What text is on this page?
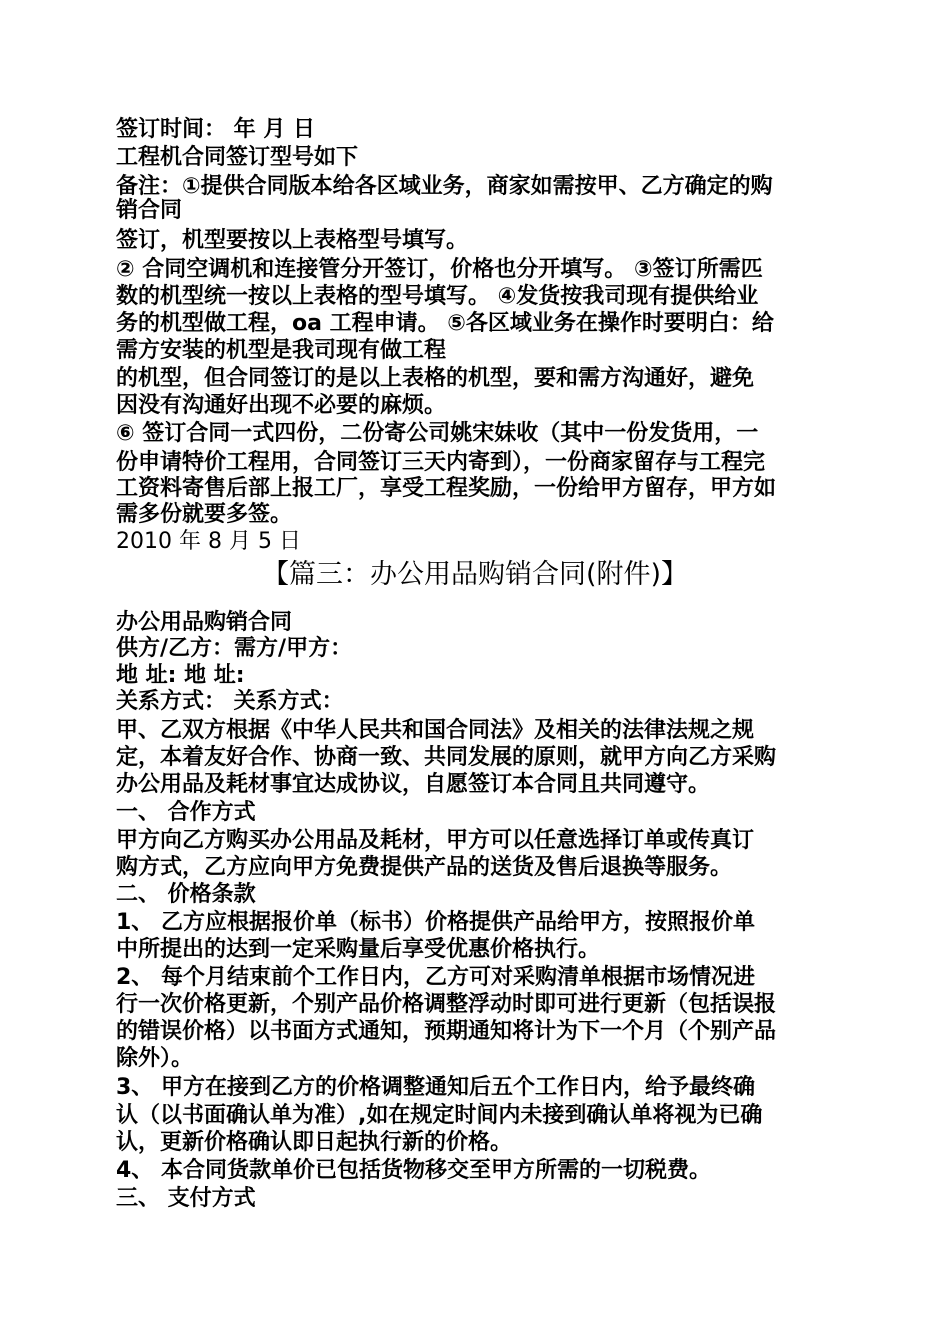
签订时间： 年 月 日
工程机合同签订型号如下
备注：①提供合同版本给各区域业务，商家如需按甲、乙方确定的购
销合同
签订，机型要按以上表格型号填写。
② 合同空调机和连接管分开签订，价格也分开填写。 ③签订所需匹
数的机型统一按以上表格的型号填写。 ④发货按我司现有提供给业
务的机型做工程，oa 工程申请。 ⑤各区域业务在操作时要明白：给
需方安装的机型是我司现有做工程
的机型，但合同签订的是以上表格的机型，要和需方沟通好，避免
因没有沟通好出现不必要的麻烦。
⑥ 签订合同一式四份，二份寄公司姚宋妹收（其中一份发货用，一
份申请特价工程用，合同签订三天内寄到），一份商家留存与工程完
工资料寄售后部上报工厂，享受工程奖励，一份给甲方留存，甲方如
需多份就要多签。
2010 年 8 月 5 日
【篇三：办公用品购销合同(附件)】
办公用品购销合同
供方/乙方：需方/甲方：
地 址: 地 址:
关系方式： 关系方式：
甲、乙双方根据《中华人民共和国合同法》及相关的法律法规之规
定，本着友好合作、协商一致、共同发展的原则，就甲方向乙方采购
办公用品及耗材事宜达成协议，自愿签订本合同且共同遵守。
一、 合作方式
甲方向乙方购买办公用品及耗材，甲方可以任意选择订单或传真订
购方式，乙方应向甲方免费提供产品的送货及售后退换等服务。
二、 价格条款
1、 乙方应根据报价单（标书）价格提供产品给甲方，按照报价单
中所提出的达到一定采购量后享受优惠价格执行。
2、 每个月结束前个工作日内，乙方可对采购清单根据市场情况进
行一次价格更新，个别产品价格调整浮动时即可进行更新（包括误报
的错误价格）以书面方式通知，预期通知将计为下一个月（个别产品
除外）。
3、 甲方在接到乙方的价格调整通知后五个工作日内，给予最终确
认（以书面确认单为准）,如在规定时间内未接到确认单将视为已确
认，更新价格确认即日起执行新的价格。
4、 本合同货款单价已包括货物移交至甲方所需的一切税费。
三、 支付方式
